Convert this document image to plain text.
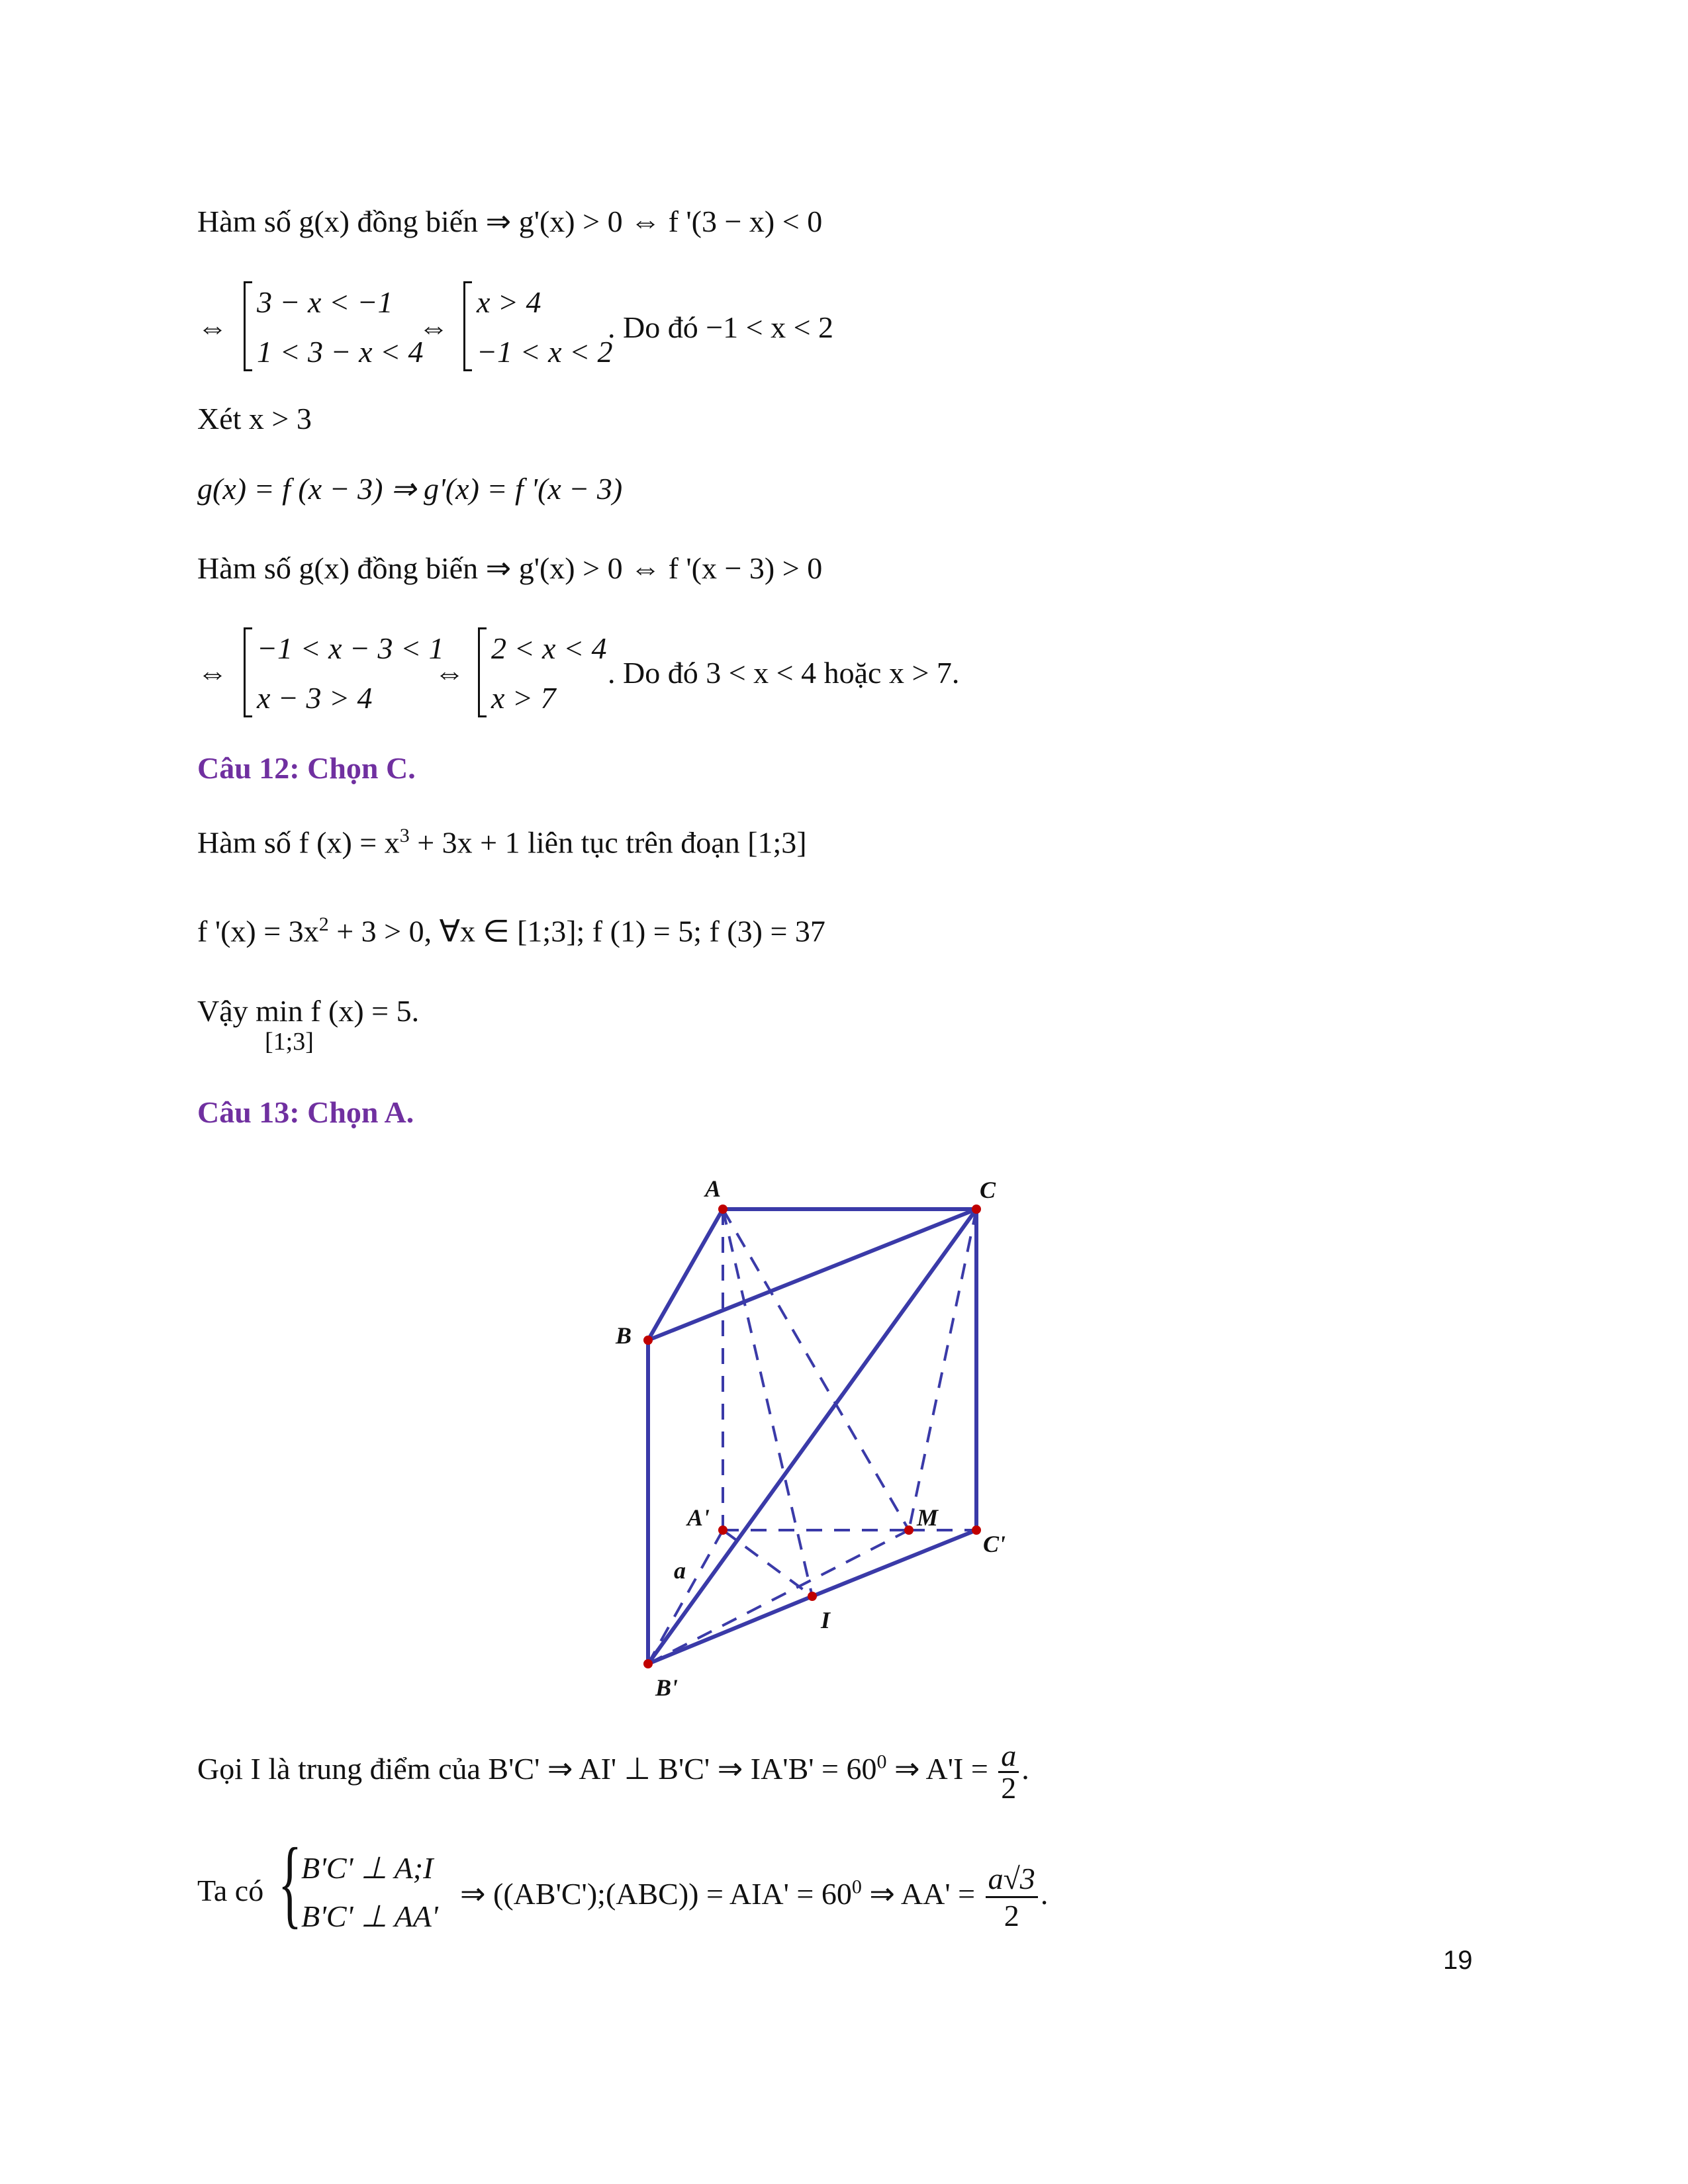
Hàm số g(x) đồng biến ⇒ g'(x) > 0 ⇔ f '(3 − x) < 0
⇔
3 − x < −1
1 < 3 − x < 4
⇔
x > 4
−1 < x < 2
. Do đó −1 < x < 2
Xét x > 3
g(x) = f (x − 3) ⇒ g'(x) = f '(x − 3)
Hàm số g(x) đồng biến ⇒ g'(x) > 0 ⇔ f '(x − 3) > 0
⇔
−1 < x − 3 < 1
x − 3 > 4
⇔
2 < x < 4
x > 7
. Do đó 3 < x < 4 hoặc x > 7.
Câu 12: Chọn C.
Hàm số f $(x) = x^3 + 3x + 1$ liên tục trên đoạn [1;3]
f '$(x) = 3x^2 + 3 > 0$, ∀x ∈ [1;3]; f (1) = 5; f (3) = 37
Vậy min f (x) = 5.
[1;3]
Câu 13: Chọn A.
A	C
B
B'
C'
A'	M
I
a
Gọi I là trung điểm của B'C' ⇒ AI' ⊥ B'C' ⇒ $IA'B' = 60^0$ ⇒ $A'I = \frac{a}{2}$ .
Ta có { B'C' ⊥ A;I
B'C' ⊥ AA'
⇒ ((AB'C');(ABC)) = $AIA' = 60^0$ ⇒ $AA' = \frac{a√3}{2}$ .
19
